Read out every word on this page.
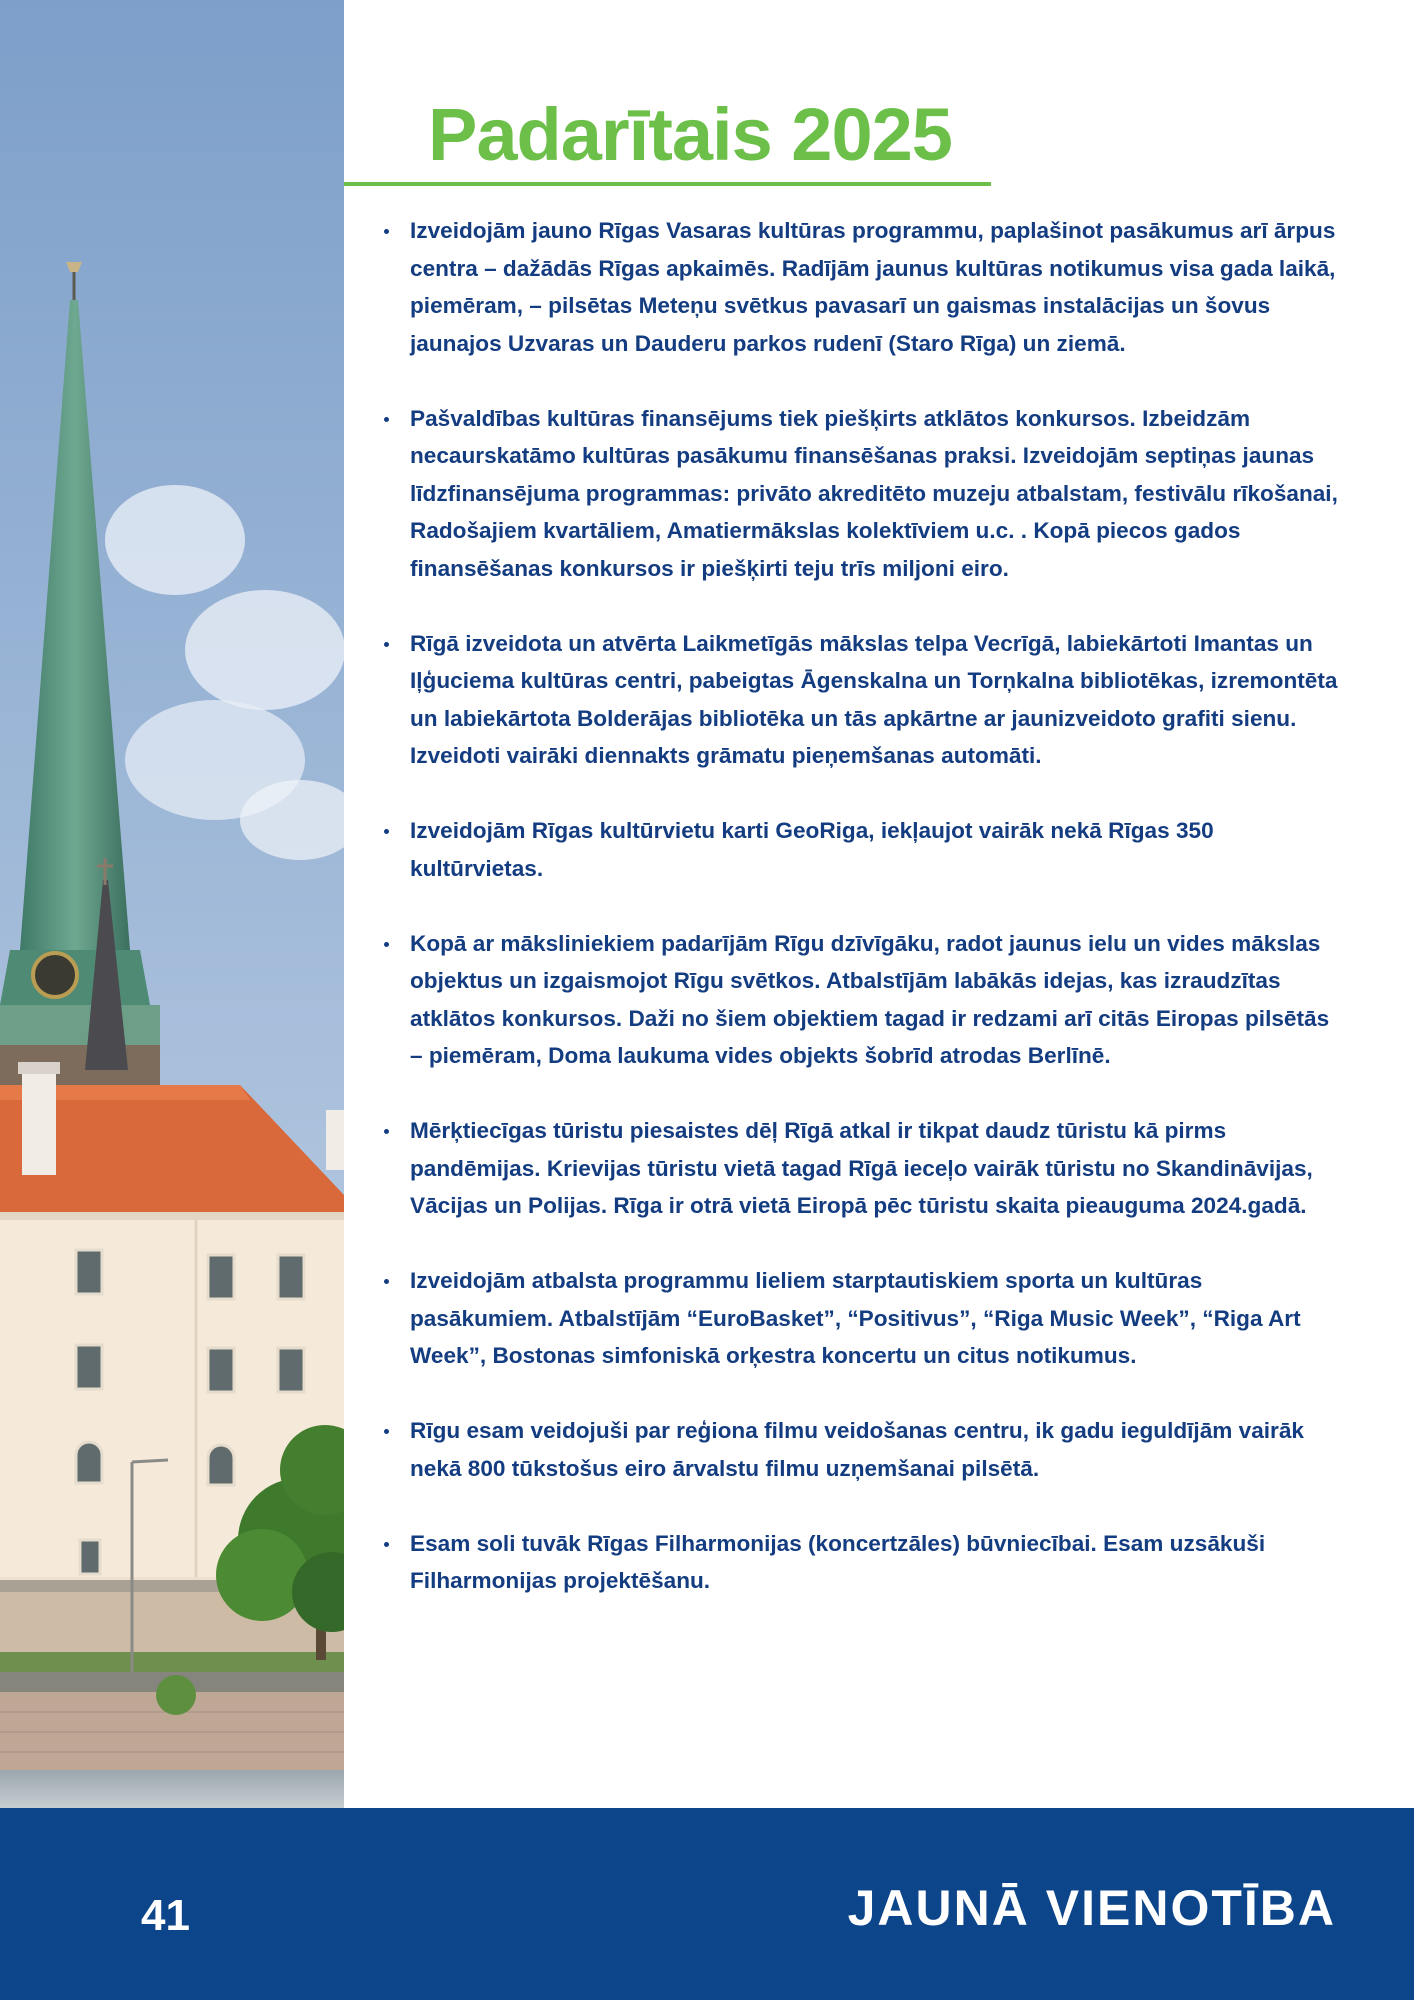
Padarītais 2025
Izveidojām jauno Rīgas Vasaras kultūras programmu, paplašinot pasākumus arī ārpus centra – dažādās Rīgas apkaimēs. Radījām jaunus kultūras notikumus visa gada laikā, piemēram, – pilsētas Meteņu svētkus pavasarī un gaismas instalācijas un šovus jaunajos Uzvaras un Dauderu parkos rudenī (Staro Rīga) un ziemā.
Pašvaldības kultūras finansējums tiek piešķirts atklātos konkursos. Izbeidzām necaurskatāmo kultūras pasākumu finansēšanas praksi. Izveidojām septiņas jaunas līdzfinansējuma programmas: privāto akreditēto muzeju atbalstam, festivālu rīkošanai, Radošajiem kvartāliem, Amatiermākslas kolektīviem u.c. . Kopā piecos gados finansēšanas konkursos ir piešķirti teju trīs miljoni eiro.
Rīgā izveidota un atvērta Laikmetīgās mākslas telpa Vecrīgā, labiekārtoti Imantas un Iļģuciema kultūras centri, pabeigtas Āgenskalna un Torņkalna bibliotēkas, izremontēta un labiekārtota Bolderājas bibliotēka un tās apkārtne ar jaunizveidoto grafiti sienu. Izveidoti vairāki diennakts grāmatu pieņemšanas automāti.
Izveidojām Rīgas kultūrvietu karti GeoRiga, iekļaujot vairāk nekā Rīgas 350 kultūrvietas.
Kopā ar māksliniekiem padarījām Rīgu dzīvīgāku, radot jaunus ielu un vides mākslas objektus un izgaismojot Rīgu svētkos. Atbalstījām labākās idejas, kas izraudzītas atklātos konkursos. Daži no šiem objektiem tagad ir redzami arī citās Eiropas pilsētās – piemēram, Doma laukuma vides objekts šobrīd atrodas Berlīnē.
Mērķtiecīgas tūristu piesaistes dēļ Rīgā atkal ir tikpat daudz tūristu kā pirms pandēmijas. Krievijas tūristu vietā tagad Rīgā ieceļo vairāk tūristu no Skandināvijas, Vācijas un Polijas. Rīga ir otrā vietā Eiropā pēc tūristu skaita pieauguma 2024.gadā.
Izveidojām atbalsta programmu lieliem starptautiskiem sporta un kultūras pasākumiem. Atbalstījām “EuroBasket”, “Positivus”, “Riga Music Week”, “Riga Art Week”, Bostonas simfoniskā orķestra koncertu un citus notikumus.
Rīgu esam veidojuši par reģiona filmu veidošanas centru, ik gadu ieguldījām vairāk nekā 800 tūkstošus eiro ārvalstu filmu uzņemšanai pilsētā.
Esam soli tuvāk Rīgas Filharmonijas (koncertzāles) būvniecībai. Esam uzsākuši Filharmonijas projektēšanu.
41	JAUNĀ VIENOTĪBA
